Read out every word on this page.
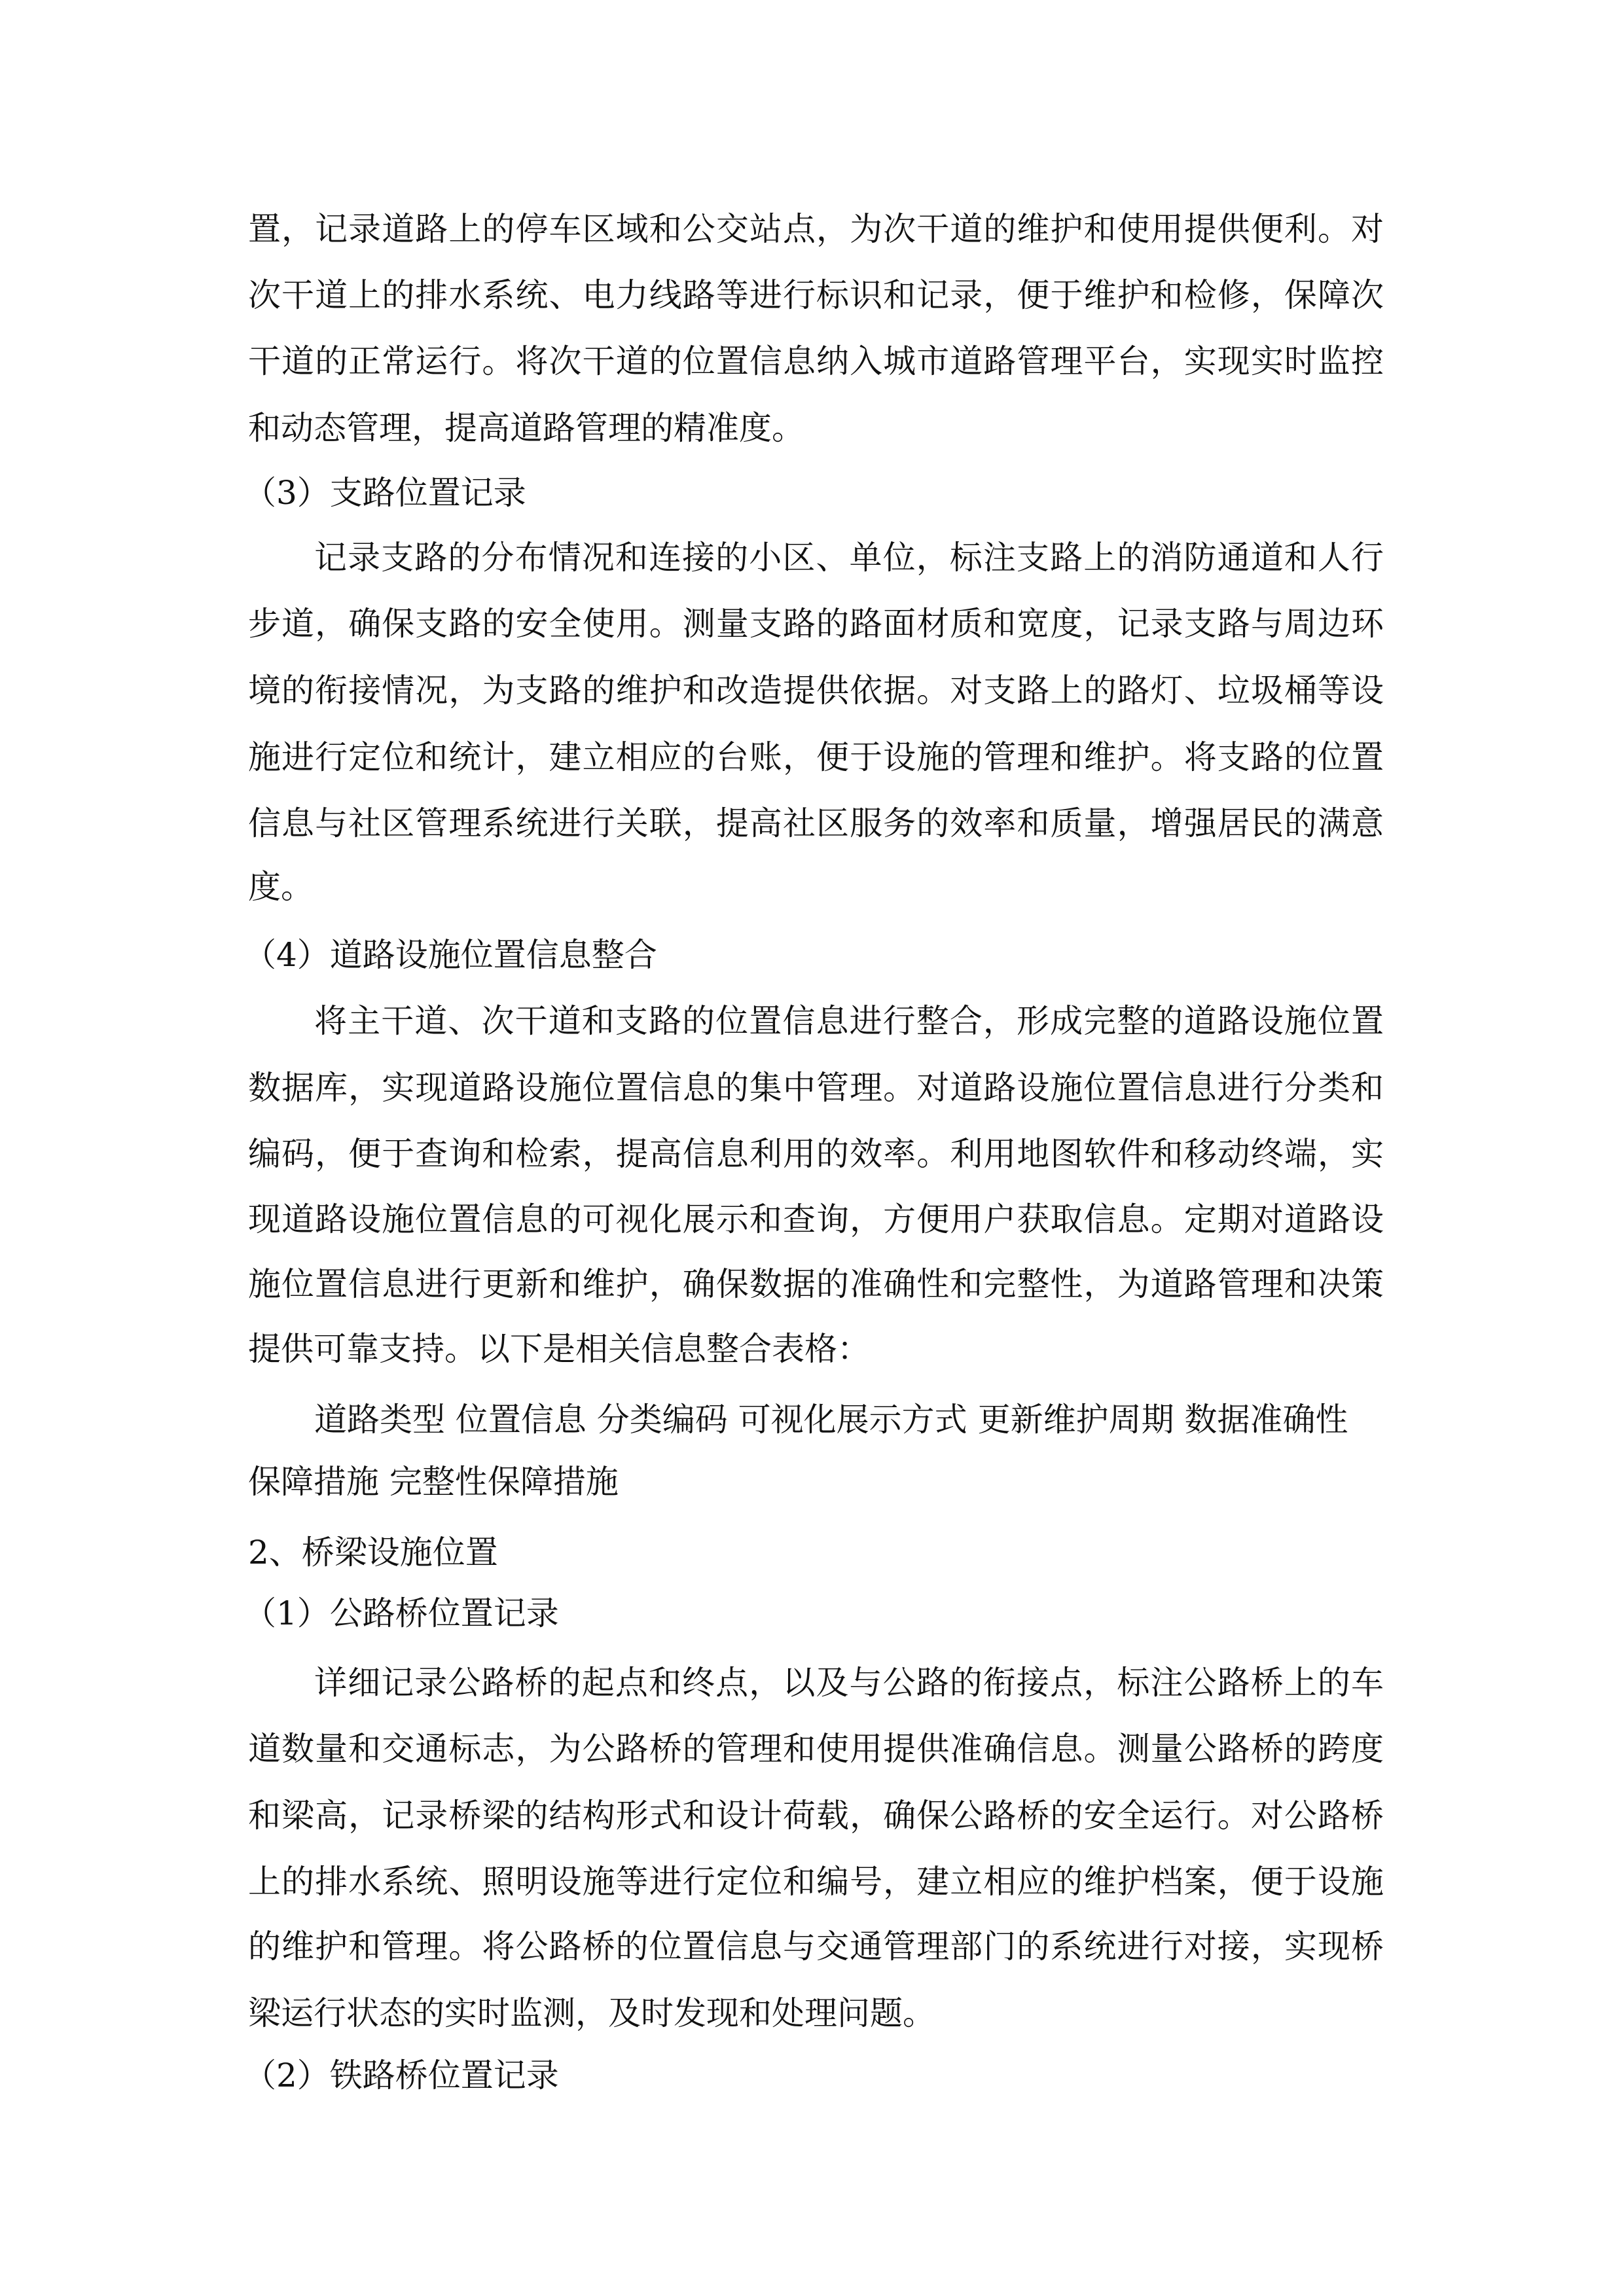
置，记录道路上的停车区域和公交站点，为次干道的维护和使用提供便利。对
次干道上的排水系统、电力线路等进行标识和记录，便于维护和检修，保障次
干道的正常运行。将次干道的位置信息纳入城市道路管理平台，实现实时监控
和动态管理，提高道路管理的精准度。
（3）支路位置记录
记录支路的分布情况和连接的小区、单位，标注支路上的消防通道和人行
步道，确保支路的安全使用。测量支路的路面材质和宽度，记录支路与周边环
境的衔接情况，为支路的维护和改造提供依据。对支路上的路灯、垃圾桶等设
施进行定位和统计，建立相应的台账，便于设施的管理和维护。将支路的位置
信息与社区管理系统进行关联，提高社区服务的效率和质量，增强居民的满意
度。
（4）道路设施位置信息整合
将主干道、次干道和支路的位置信息进行整合，形成完整的道路设施位置
数据库，实现道路设施位置信息的集中管理。对道路设施位置信息进行分类和
编码，便于查询和检索，提高信息利用的效率。利用地图软件和移动终端，实
现道路设施位置信息的可视化展示和查询，方便用户获取信息。定期对道路设
施位置信息进行更新和维护，确保数据的准确性和完整性，为道路管理和决策
提供可靠支持。以下是相关信息整合表格：
道路类型 位置信息 分类编码 可视化展示方式 更新维护周期 数据准确性
保障措施 完整性保障措施
2、桥梁设施位置
（1）公路桥位置记录
详细记录公路桥的起点和终点，以及与公路的衔接点，标注公路桥上的车
道数量和交通标志，为公路桥的管理和使用提供准确信息。测量公路桥的跨度
和梁高，记录桥梁的结构形式和设计荷载，确保公路桥的安全运行。对公路桥
上的排水系统、照明设施等进行定位和编号，建立相应的维护档案，便于设施
的维护和管理。将公路桥的位置信息与交通管理部门的系统进行对接，实现桥
梁运行状态的实时监测，及时发现和处理问题。
（2）铁路桥位置记录
